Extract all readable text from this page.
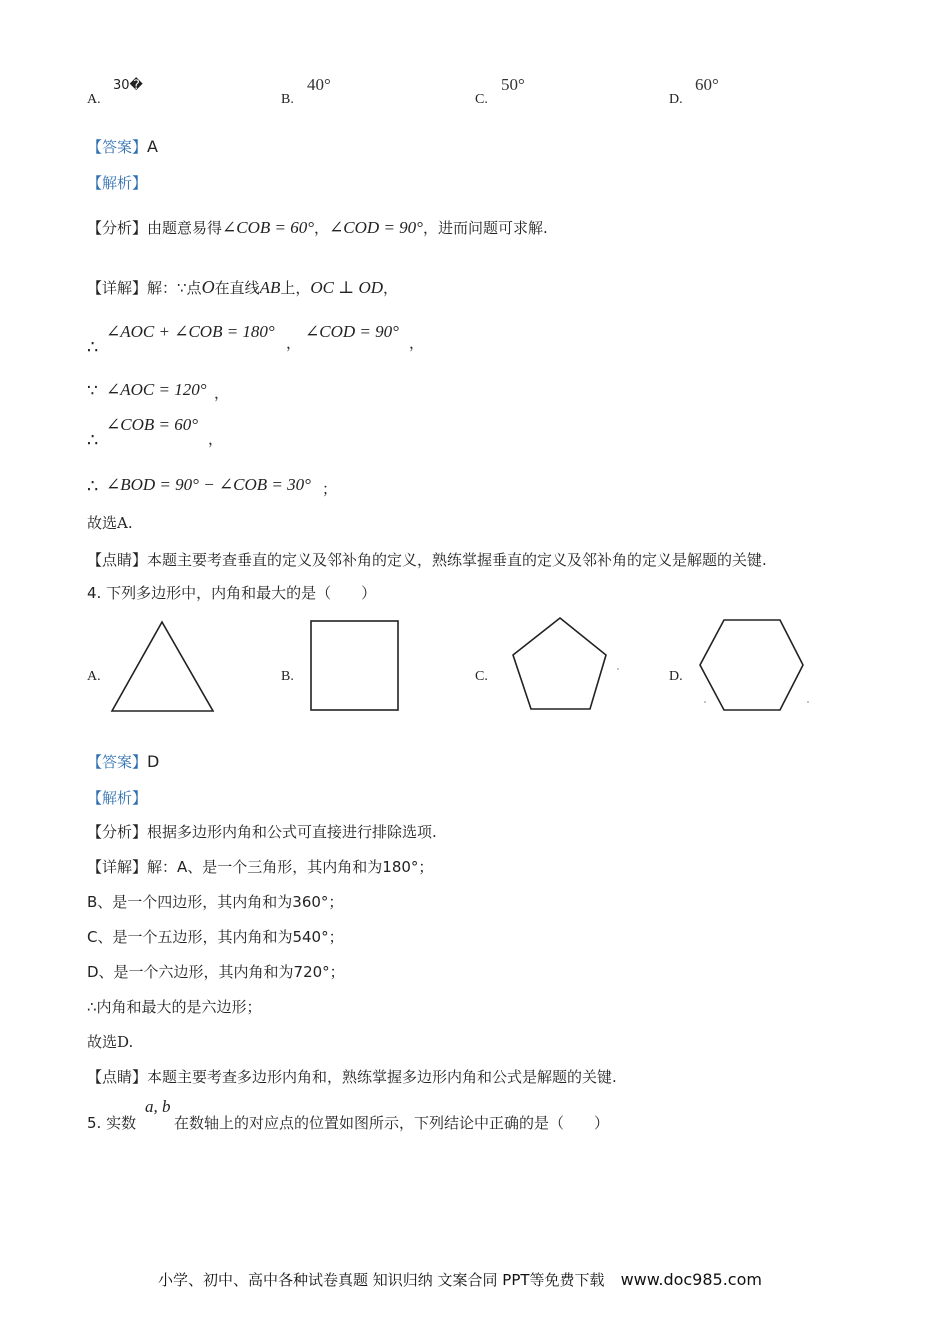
A.
30�
B.
40°
C.
50°
D.
60°
【答案】A
【解析】
【分析】由题意易得∠COB = 60°，∠COD = 90°，进而问题可求解.
【详解】解：∵点O在直线AB上，OC ⊥ OD，
∴
∠AOC + ∠COB = 180°
，
∠COD = 90°
，
∵ ∠AOC = 120° ，
∴
∠COB = 60°
，
∴ ∠BOD = 90° − ∠COB = 30° ；
故选A.
【点睛】本题主要考查垂直的定义及邻补角的定义，熟练掌握垂直的定义及邻补角的定义是解题的关键.
4. 下列多边形中，内角和最大的是（　　）
A.	B.	C.	D.
【答案】D
【解析】
【分析】根据多边形内角和公式可直接进行排除选项.
【详解】解：A、是一个三角形，其内角和为180°；
B、是一个四边形，其内角和为360°；
C、是一个五边形，其内角和为540°；
D、是一个六边形，其内角和为720°；
∴内角和最大的是六边形；
故选D.
【点睛】本题主要考查多边形内角和，熟练掌握多边形内角和公式是解题的关键.
5. 实数
a, b
在数轴上的对应点的位置如图所示，下列结论中正确的是（　　）
小学、初中、高中各种试卷真题 知识归纳 文案合同 PPT等免费下载 www.doc985.com
